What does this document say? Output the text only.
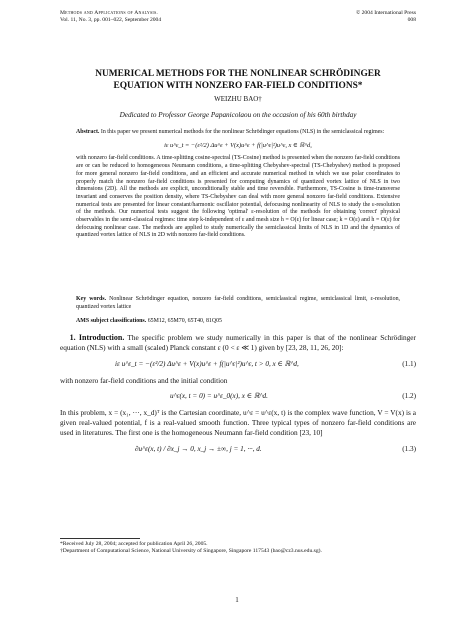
Methods and Applications of Analysis.
Vol. 11, No. 3, pp. 001–022, September 2004
© 2004 International Press
008
NUMERICAL METHODS FOR THE NONLINEAR SCHRÖDINGER
EQUATION WITH NONZERO FAR-FIELD CONDITIONS*
WEIZHU BAO†
Dedicated to Professor George Papanicolaou on the occasion of his 60th birthday

Abstract. In this paper we present numerical methods for the nonlinear Schrödinger equations (NLS) in the semiclassical regimes:

iε u^ε_t = −(ε²/2) Δu^ε + V(x)u^ε + f(|u^ε|²)u^ε, x ∈ ℝ^d,

with nonzero far-field conditions. A time-splitting cosine-spectral (TS-Cosine) method is presented when the nonzero far-field conditions are or can be reduced to homogeneous Neumann conditions, a time-splitting Chebyshev-spectral (TS-Chebyshev) method is proposed for more general nonzero far-field conditions, and an efficient and accurate numerical method in which we use polar coordinates to properly match the nonzero far-field conditions is presented for computing dynamics of quantized vortex lattice of NLS in two dimensions (2D). All the methods are explicit, unconditionally stable and time reversible. Furthermore, TS-Cosine is time-transverse invariant and conserves the position density, where TS-Chebyshev can deal with more general nonzero far-field conditions. Extensive numerical tests are presented for linear constant/harmonic oscillator potential, defocusing nonlinearity of NLS to study the ε-resolution of the methods. Our numerical tests suggest the following 'optimal' ε-resolution of the methods for obtaining 'correct' physical observables in the semi-classical regimes: time step k-independent of ε and mesh size h = O(ε) for linear case; k = O(ε) and h = O(ε) for defocusing nonlinear case. The methods are applied to study numerically the semiclassical limits of NLS in 1D and the dynamics of quantized vortex lattice of NLS in 2D with nonzero far-field conditions.

Key words. Nonlinear Schrödinger equation, nonzero far-field conditions, semiclassical regime, semiclassical limit, ε-resolution, quantized vortex lattice
AMS subject classifications. 65M12, 65M70, 65T40, 81Q05

1. Introduction. The specific problem we study numerically in this paper is that of the nonlinear Schrödinger equation (NLS) with a small (scaled) Planck constant ε (0 < ε ≪ 1) given by [23, 28, 11, 26, 20]:

iε u^ε_t = −(ε²/2) Δu^ε + V(x)u^ε + f(|u^ε|²)u^ε, t > 0, x ∈ ℝ^d,	(1.1)

with nonzero far-field conditions and the initial condition

u^ε(x, t = 0) = u^ε_0(x), x ∈ ℝ^d.	(1.2)

In this problem, x = (x₁, ···, x_d)ᵀ is the Cartesian coordinate, u^ε = u^ε(x, t) is the complex wave function, V = V(x) is a given real-valued potential, f is a real-valued smooth function. Three typical types of nonzero far-field conditions are used in literatures. The first one is the homogeneous Neumann far-field condition [23, 10]

∂u^ε(x, t) / ∂x_j → 0, x_j → ±∞, j = 1, ···, d.	(1.3)

*Received July 28, 2004; accepted for publication April 26, 2005.

†Department of Computational Science, National University of Singapore, Singapore 117543 (bao@cz3.nus.edu.sg).

1
